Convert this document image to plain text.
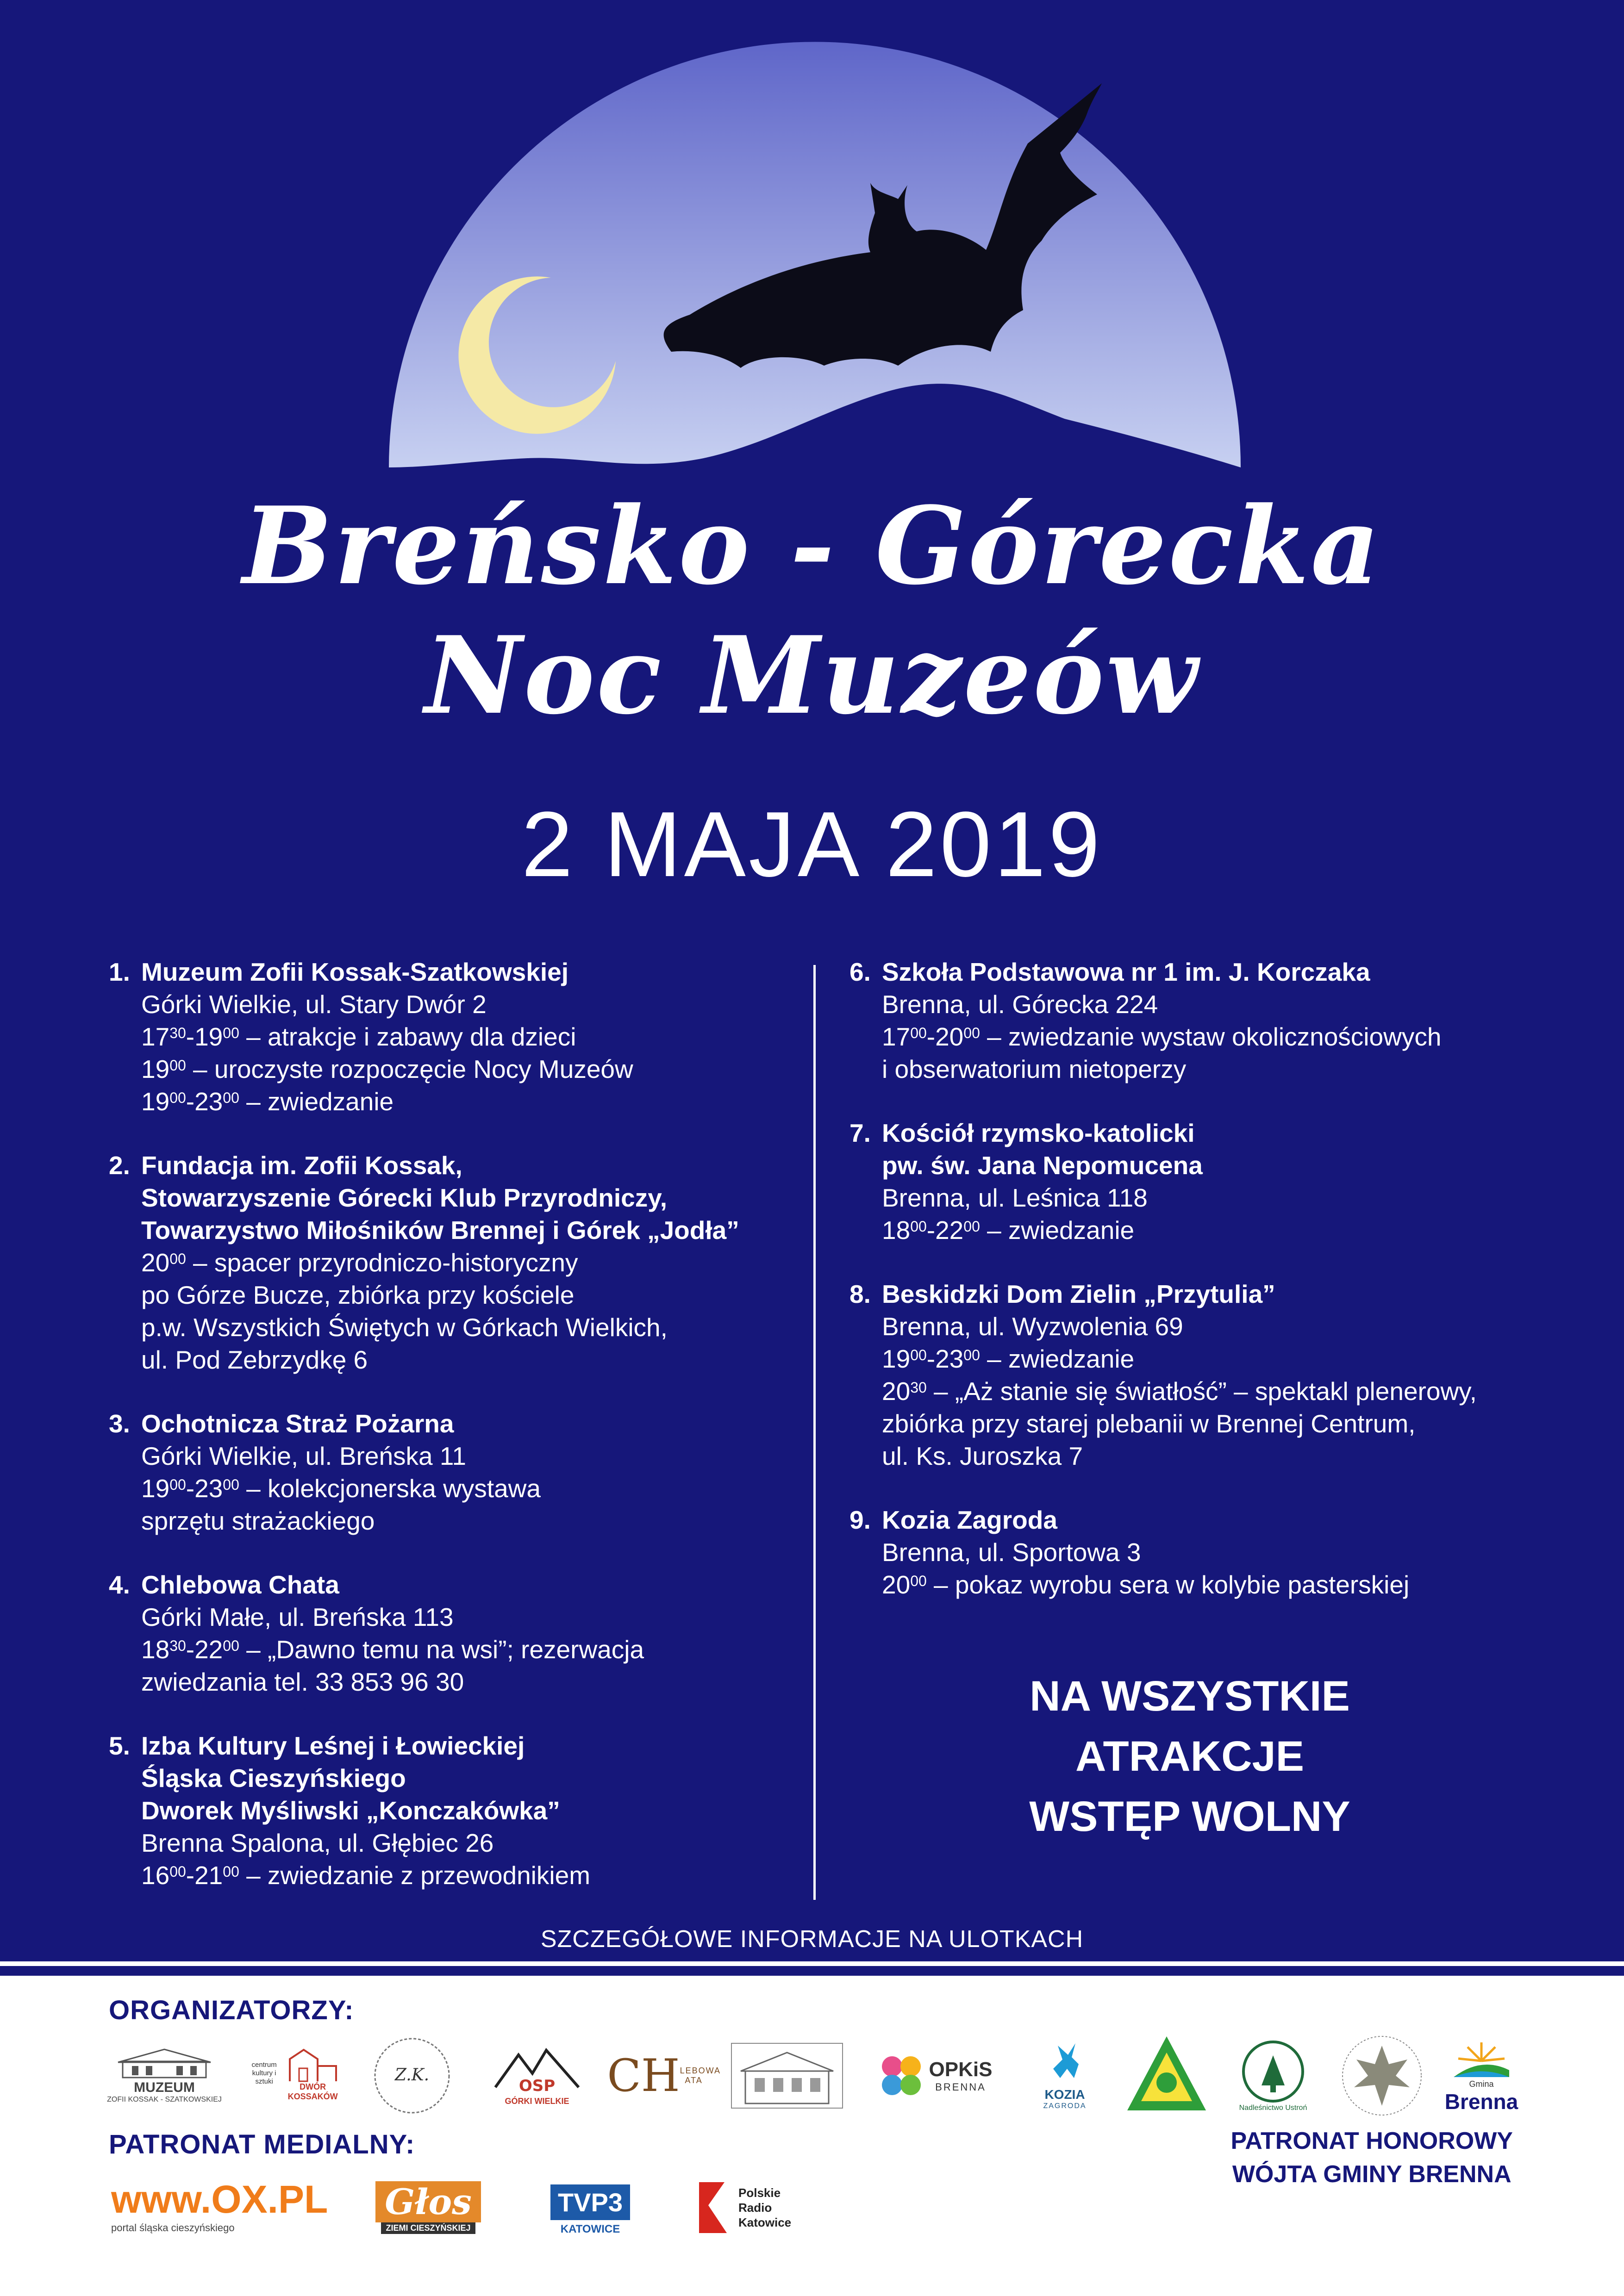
Breńsko - Górecka
Noc Muzeów
2 MAJA 2019
1. Muzeum Zofii Kossak-Szatkowskiej
Górki Wielkie, ul. Stary Dwór 2
$17^{30}-19^{00}$ – atrakcje i zabawy dla dzieci
$19^{00}$ – uroczyste rozpoczęcie Nocy Muzeów
$19^{00}-23^{00}$ – zwiedzanie
2. Fundacja im. Zofii Kossak,
Stowarzyszenie Górecki Klub Przyrodniczy,
Towarzystwo Miłośników Brennej i Górek „Jodła”
$20^{00}$ – spacer przyrodniczo-historyczny
po Górze Bucze, zbiórka przy kościele
p.w. Wszystkich Świętych w Górkach Wielkich,
ul. Pod Zebrzydkę 6
3. Ochotnicza Straż Pożarna
Górki Wielkie, ul. Breńska 11
$19^{00}-23^{00}$ – kolekcjonerska wystawa
sprzętu strażackiego
4. Chlebowa Chata
Górki Małe, ul. Breńska 113
$18^{30}-22^{00}$ – „Dawno temu na wsi”; rezerwacja
zwiedzania tel. 33 853 96 30
5. Izba Kultury Leśnej i Łowieckiej
Śląska Cieszyńskiego
Dworek Myśliwski „Konczakówka”
Brenna Spalona, ul. Głębiec 26
$16^{00}-21^{00}$ – zwiedzanie z przewodnikiem
6. Szkoła Podstawowa nr 1 im. J. Korczaka
Brenna, ul. Górecka 224
$17^{00}-20^{00}$ – zwiedzanie wystaw okolicznościowych
i obserwatorium nietoperzy
7. Kościół rzymsko-katolicki
pw. św. Jana Nepomucena
Brenna, ul. Leśnica 118
$18^{00}-22^{00}$ – zwiedzanie
8. Beskidzki Dom Zielin „Przytulia”
Brenna, ul. Wyzwolenia 69
$19^{00}-23^{00}$ – zwiedzanie
$20^{30}$ – „Aż stanie się światłość” – spektakl plenerowy,
zbiórka przy starej plebanii w Brennej Centrum,
ul. Ks. Juroszka 7
9. Kozia Zagroda
Brenna, ul. Sportowa 3
$20^{00}$ – pokaz wyrobu sera w kolybie pasterskiej
NA WSZYSTKIE
ATRAKCJE
WSTĘP WOLNY
SZCZEGÓŁOWE INFORMACJE NA ULOTKACH
ORGANIZATORZY:
PATRONAT MEDIALNY:	PATRONAT HONOROWY
WÓJTA GMINY BRENNA
MUZEUM
ZOFII KOSSAK - SZATKOWSKIEJ
centrum kultury i sztuki
DWÓR KOSSAKÓW
Z.K.
OSP
GÓRKI WIELKIE CH LEBOWA ATA	OPKiS
BRENNA
KOZIA
ZAGRODA	Nadleśnictwo Ustroń
Gmina
Brenna
www.OX.PL
portal śląska cieszyńskiego
Głos
ZIEMI CIESZYŃSKIEJ
TVP3
KATOWICE
Polskie Radio Katowice
